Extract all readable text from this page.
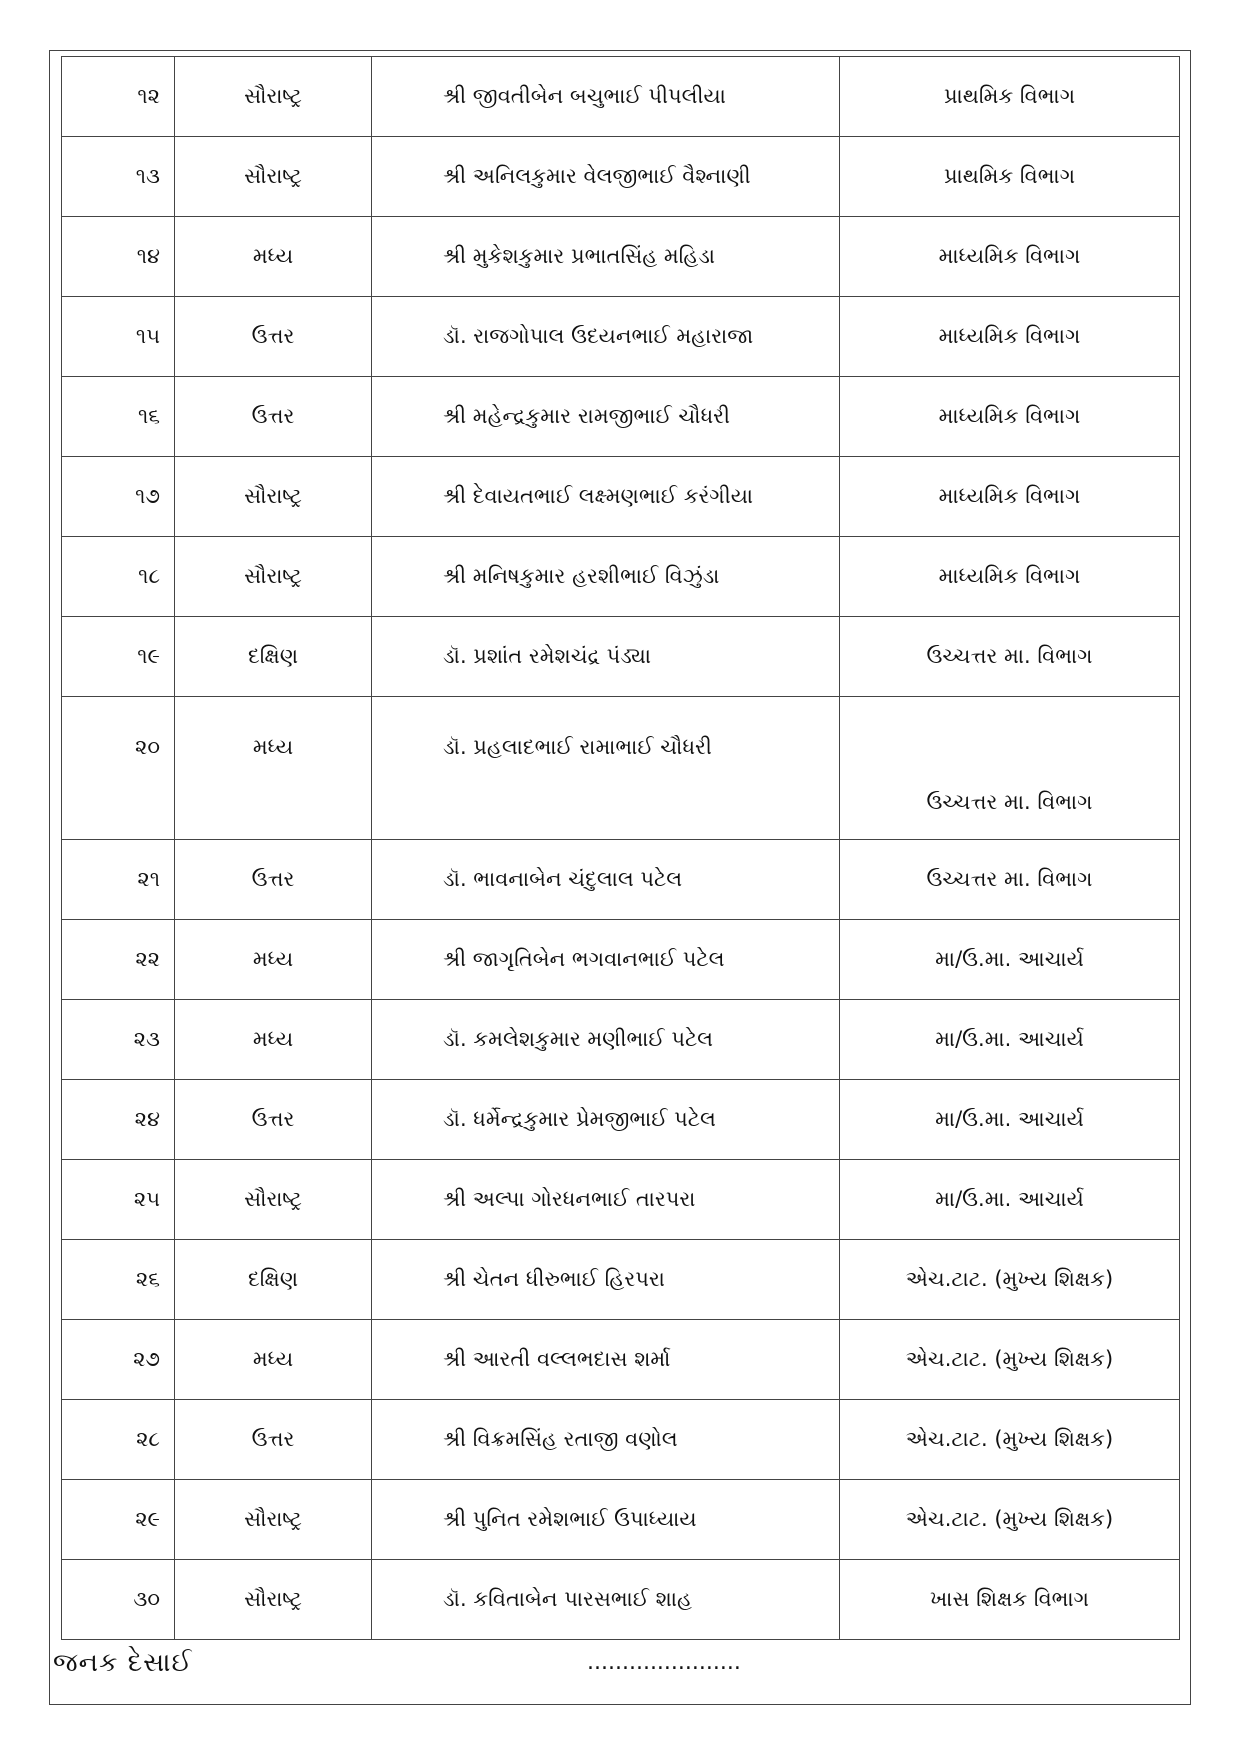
૧૨	સૌરાષ્ટ્ર	શ્રી જીવતીબેન બચુભાઈ પીપલીયા	પ્રાથમિક વિભાગ
૧૩	સૌરાષ્ટ્ર	શ્રી અનિલકુમાર વેલજીભાઈ વૈશ્નાણી	પ્રાથમિક વિભાગ
૧૪	મધ્ય	શ્રી મુકેશકુમાર પ્રભાતસિંહ મહિડા	માધ્યમિક વિભાગ
૧૫	ઉત્તર	ડૉ. રાજગોપાલ ઉદયનભાઈ મહારાજા	માધ્યમિક વિભાગ
૧૬	ઉત્તર	શ્રી મહેન્દ્રકુમાર રામજીભાઈ ચૌધરી	માધ્યમિક વિભાગ
૧૭	સૌરાષ્ટ્ર	શ્રી દેવાયતભાઈ લક્ષ્મણભાઈ કરંગીયા	માધ્યમિક વિભાગ
૧૮	સૌરાષ્ટ્ર	શ્રી મનિષકુમાર હરશીભાઈ વિઝુંડા	માધ્યમિક વિભાગ
૧૯	દક્ષિણ	ડૉ. પ્રશાંત રમેશચંદ્ર પંડ્યા	ઉચ્ચત્તર મા. વિભાગ
૨૦	મધ્ય	ડૉ. પ્રહલાદભાઈ રામાભાઈ ચૌધરી	ઉચ્ચત્તર મા. વિભાગ
૨૧	ઉત્તર	ડૉ. ભાવનાબેન ચંદુલાલ પટેલ	ઉચ્ચત્તર મા. વિભાગ
૨૨	મધ્ય	શ્રી જાગૃતિબેન ભગવાનભાઈ પટેલ	મા/ઉ.મા. આચાર્ય
૨૩	મધ્ય	ડૉ. કમલેશકુમાર મણીભાઈ પટેલ	મા/ઉ.મા. આચાર્ય
૨૪	ઉત્તર	ડૉ. ધર્મેન્દ્રકુમાર પ્રેમજીભાઈ પટેલ	મા/ઉ.મા. આચાર્ય
૨૫	સૌરાષ્ટ્ર	શ્રી અલ્પા ગોરધનભાઈ તારપરા	મા/ઉ.મા. આચાર્ય
૨૬	દક્ષિણ	શ્રી ચેતન ધીરુભાઈ હિરપરા	એચ.ટાટ. (મુખ્ય શિક્ષક)
૨૭	મધ્ય	શ્રી આરતી વલ્લભદાસ શર્મા	એચ.ટાટ. (મુખ્ય શિક્ષક)
૨૮	ઉત્તર	શ્રી વિક્રમસિંહ રતાજી વણોલ	એચ.ટાટ. (મુખ્ય શિક્ષક)
૨૯	સૌરાષ્ટ્ર	શ્રી પુનિત રમેશભાઈ ઉપાધ્યાય	એચ.ટાટ. (મુખ્ય શિક્ષક)
૩૦	સૌરાષ્ટ્ર	ડૉ. કવિતાબેન પારસભાઈ શાહ	ખાસ શિક્ષક વિભાગ
જનક દેસાઈ	......................
